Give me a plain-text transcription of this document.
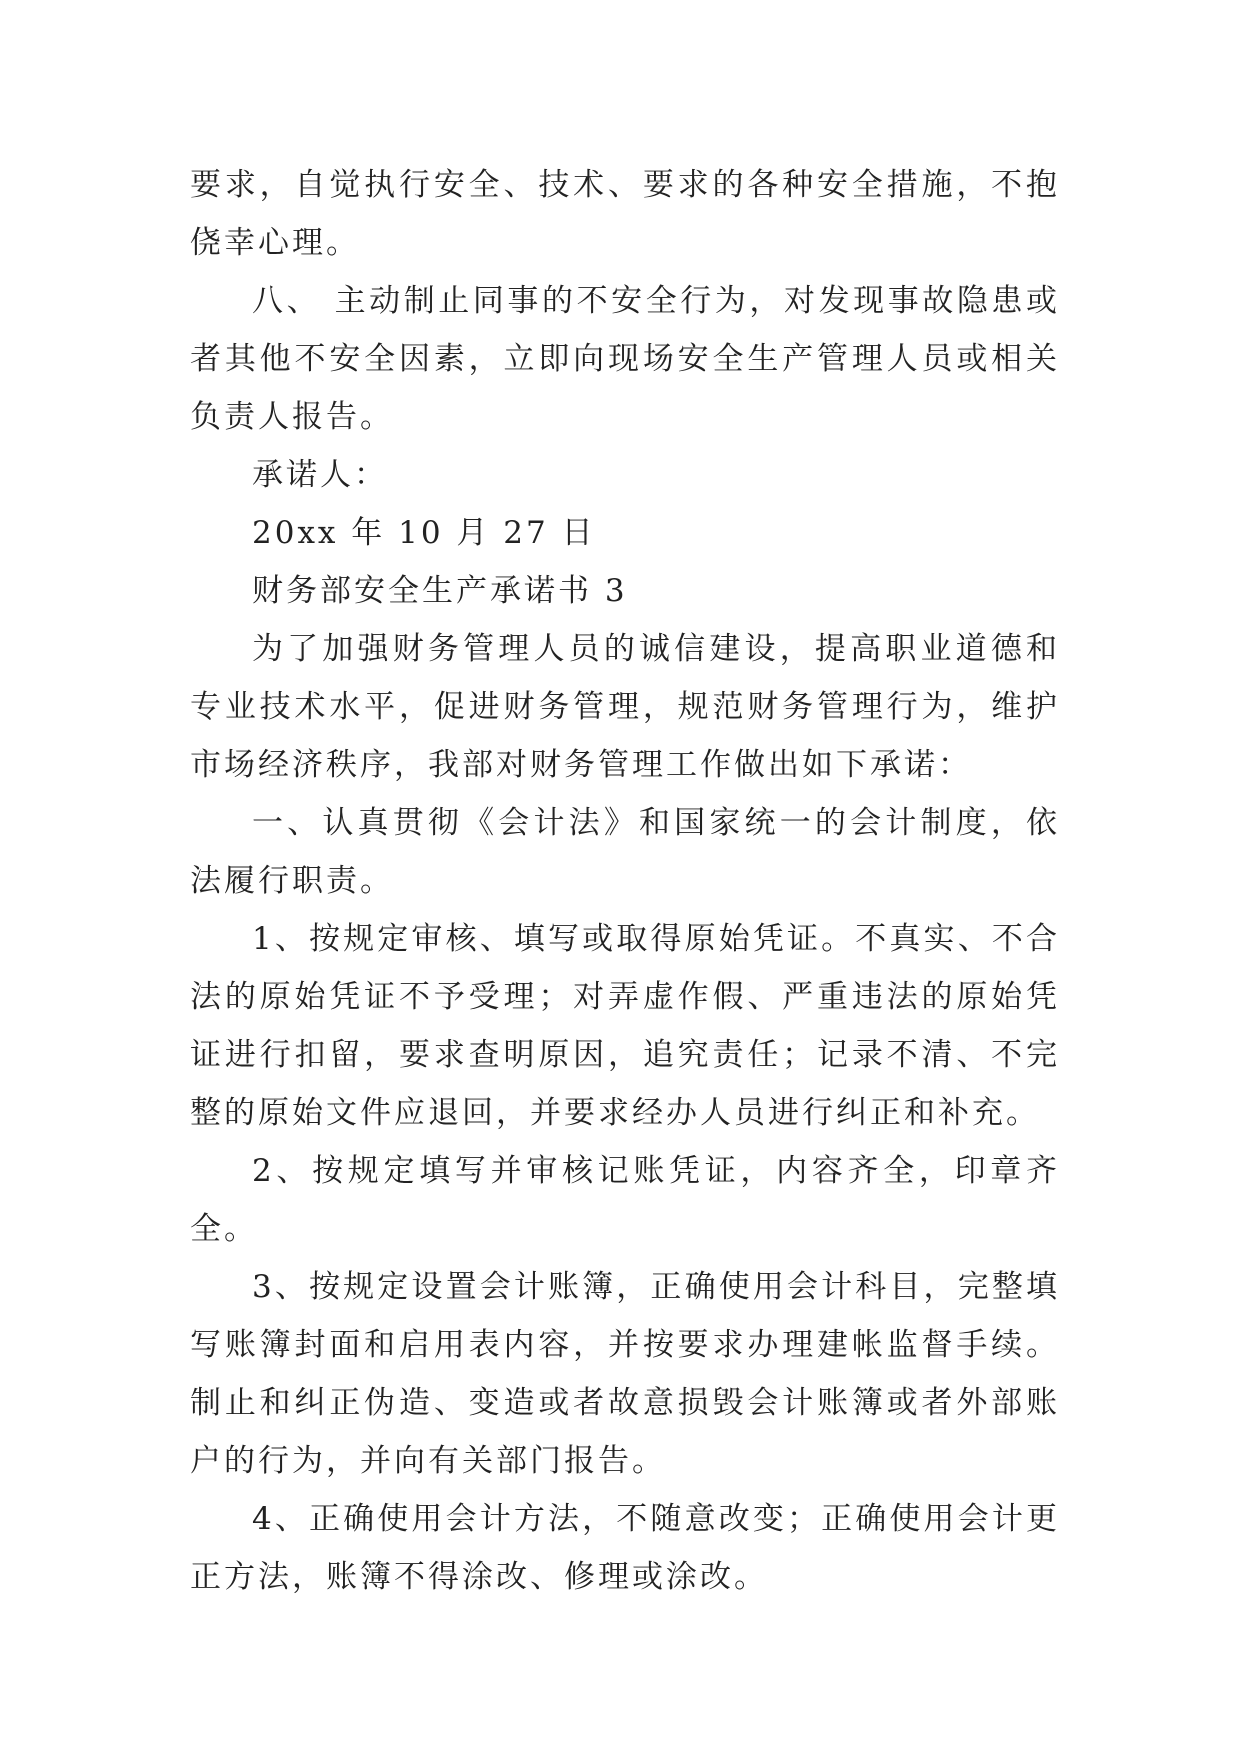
要求，自觉执行安全、技术、要求的各种安全措施，不抱侥幸心理。

八、 主动制止同事的不安全行为，对发现事故隐患或者其他不安全因素，立即向现场安全生产管理人员或相关负责人报告。

承诺人：

20xx 年 10 月 27 日

财务部安全生产承诺书 3

为了加强财务管理人员的诚信建设，提高职业道德和专业技术水平，促进财务管理，规范财务管理行为，维护市场经济秩序，我部对财务管理工作做出如下承诺：

一、认真贯彻《会计法》和国家统一的会计制度，依法履行职责。

1、按规定审核、填写或取得原始凭证。不真实、不合法的原始凭证不予受理；对弄虚作假、严重违法的原始凭证进行扣留，要求查明原因，追究责任；记录不清、不完整的原始文件应退回，并要求经办人员进行纠正和补充。

2、按规定填写并审核记账凭证，内容齐全，印章齐全。

3、按规定设置会计账簿，正确使用会计科目，完整填写账簿封面和启用表内容，并按要求办理建帐监督手续。制止和纠正伪造、变造或者故意损毁会计账簿或者外部账户的行为，并向有关部门报告。

4、正确使用会计方法，不随意改变；正确使用会计更正方法，账簿不得涂改、修理或涂改。
